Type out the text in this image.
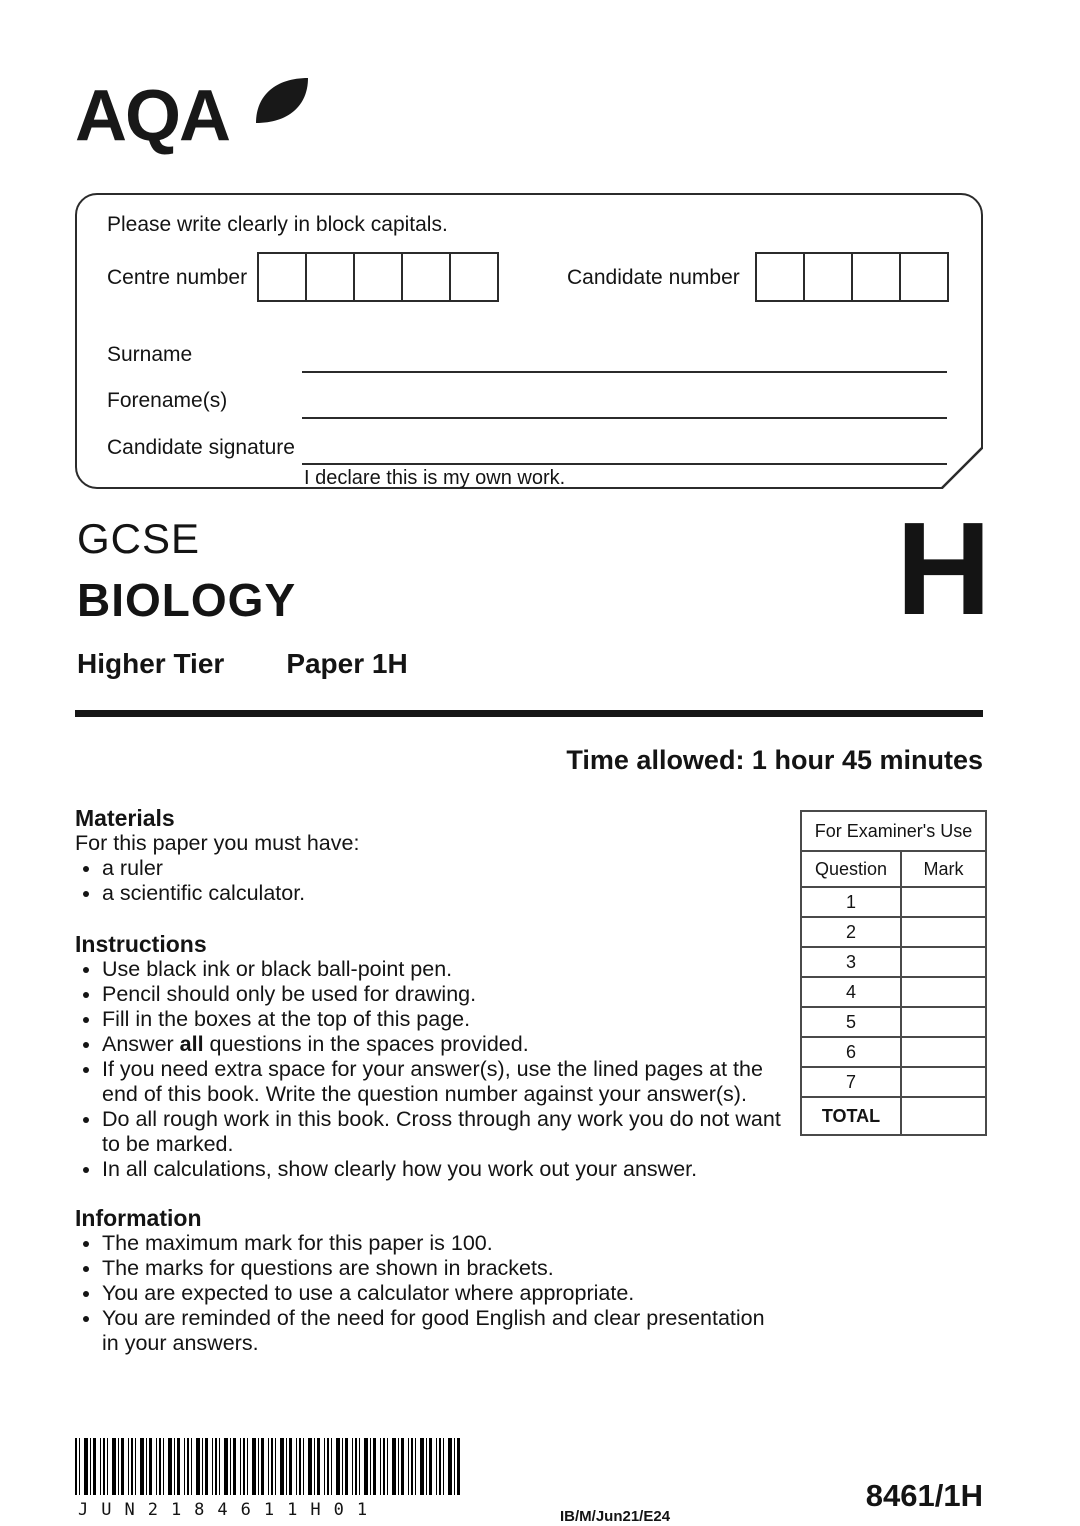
AQA
Please write clearly in block capitals.
Centre number	Candidate number
Surname
Forename(s)
Candidate signature
I declare this is my own work.
GCSE
BIOLOGY	H
Higher Tier Paper 1H
Time allowed: 1 hour 45 minutes
Materials
For this paper you must have:
• a ruler
• a scientific calculator.
Instructions
• Use black ink or black ball-point pen.
• Pencil should only be used for drawing.
• Fill in the boxes at the top of this page.
• Answer all questions in the spaces provided.
• If you need extra space for your answer(s), use the lined pages at the end of this book. Write the question number against your answer(s).
• Do all rough work in this book. Cross through any work you do not want to be marked.
• In all calculations, show clearly how you work out your answer.
Information
• The maximum mark for this paper is 100.
• The marks for questions are shown in brackets.
• You are expected to use a calculator where appropriate.
• You are reminded of the need for good English and clear presentation in your answers.
For Examiner's Use	
Question	Mark
1	
2	
3	
4	
5	
6	
7	
TOTAL	
JUN2184611H01	IB/M/Jun21/E24
8461/1H
